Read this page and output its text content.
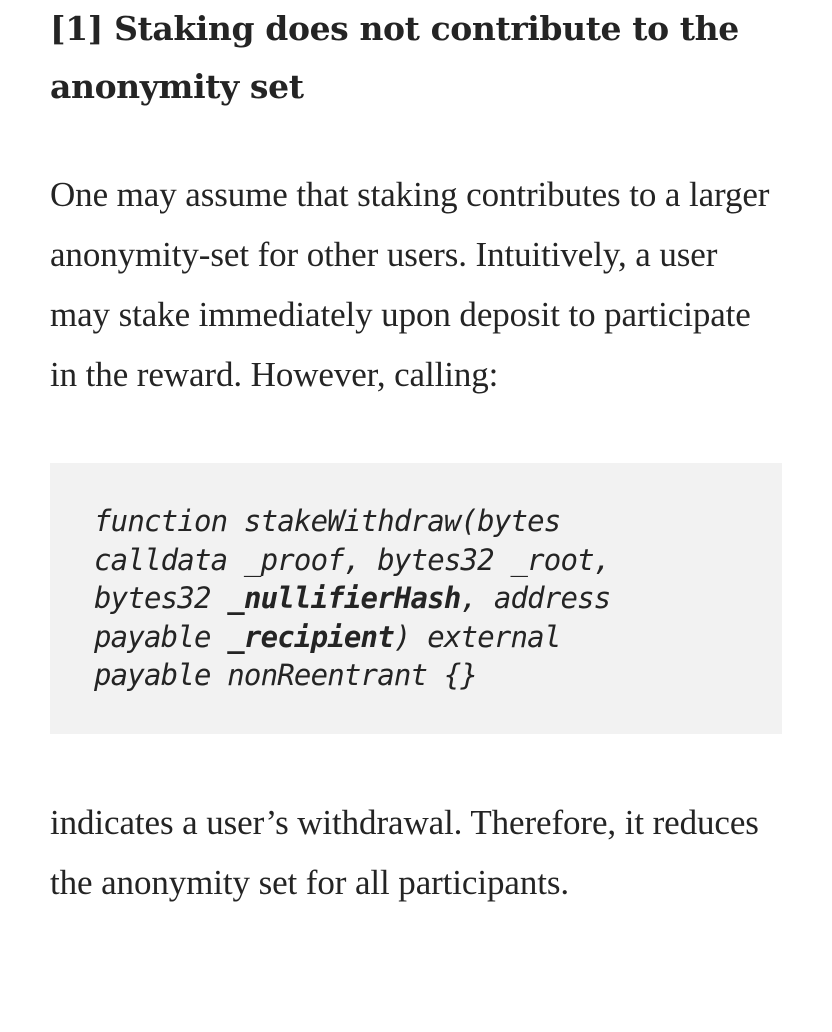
[1] Staking does not contribute to the anonymity set

One may assume that staking contributes to a larger anonymity-set for other users. Intuitively, a user may stake immediately upon deposit to participate in the reward. However, calling:

function stakeWithdraw(bytes
calldata _proof, bytes32 _root,
bytes32 _nullifierHash, address
payable _recipient) external
payable nonReentrant {}

indicates a user’s withdrawal. Therefore, it reduces the anonymity set for all participants.
